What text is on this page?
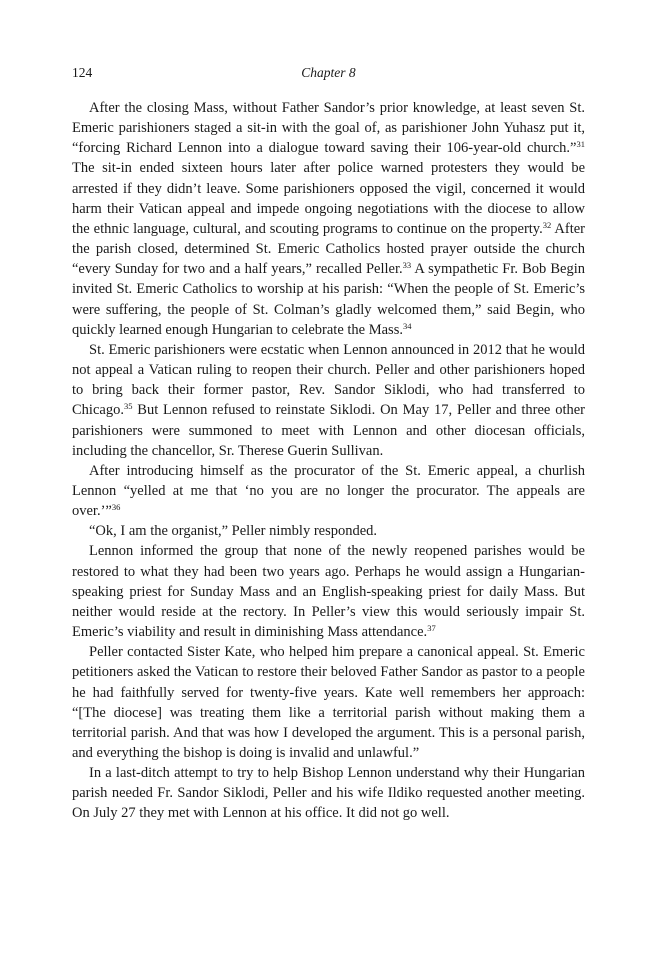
124	Chapter 8

After the closing Mass, without Father Sandor’s prior knowledge, at least seven St. Emeric parishioners staged a sit-in with the goal of, as parishioner John Yuhasz put it, “forcing Richard Lennon into a dialogue toward saving their 106-year-old church.”$^{31}$ The sit-in ended sixteen hours later after police warned protesters they would be arrested if they didn’t leave. Some parishioners opposed the vigil, concerned it would harm their Vatican appeal and impede ongoing negotiations with the diocese to allow the ethnic language, cultural, and scouting programs to continue on the property.$^{32}$ After the parish closed, determined St. Emeric Catholics hosted prayer outside the church “every Sunday for two and a half years,” recalled Peller.$^{33}$ A sympathetic Fr. Bob Begin invited St. Emeric Catholics to worship at his parish: “When the people of St. Emeric’s were suffering, the people of St. Colman’s gladly welcomed them,” said Begin, who quickly learned enough Hungarian to celebrate the Mass.$^{34}$

St. Emeric parishioners were ecstatic when Lennon announced in 2012 that he would not appeal a Vatican ruling to reopen their church. Peller and other parishioners hoped to bring back their former pastor, Rev. Sandor Siklodi, who had transferred to Chicago.$^{35}$ But Lennon refused to reinstate Siklodi. On May 17, Peller and three other parishioners were summoned to meet with Lennon and other diocesan officials, including the chancellor, Sr. Therese Guerin Sullivan.

After introducing himself as the procurator of the St. Emeric appeal, a churlish Lennon “yelled at me that ‘no you are no longer the procurator. The appeals are over.’”$^{36}$

“Ok, I am the organist,” Peller nimbly responded.

Lennon informed the group that none of the newly reopened parishes would be restored to what they had been two years ago. Perhaps he would assign a Hungarian-speaking priest for Sunday Mass and an English-speaking priest for daily Mass. But neither would reside at the rectory. In Peller’s view this would seriously impair St. Emeric’s viability and result in diminishing Mass attendance.$^{37}$

Peller contacted Sister Kate, who helped him prepare a canonical appeal. St. Emeric petitioners asked the Vatican to restore their beloved Father Sandor as pastor to a people he had faithfully served for twenty-five years. Kate well remembers her approach: “[The diocese] was treating them like a territorial parish without making them a territorial parish. And that was how I developed the argument. This is a personal parish, and everything the bishop is doing is invalid and unlawful.”

In a last-ditch attempt to try to help Bishop Lennon understand why their Hungarian parish needed Fr. Sandor Siklodi, Peller and his wife Ildiko requested another meeting. On July 27 they met with Lennon at his office. It did not go well.
